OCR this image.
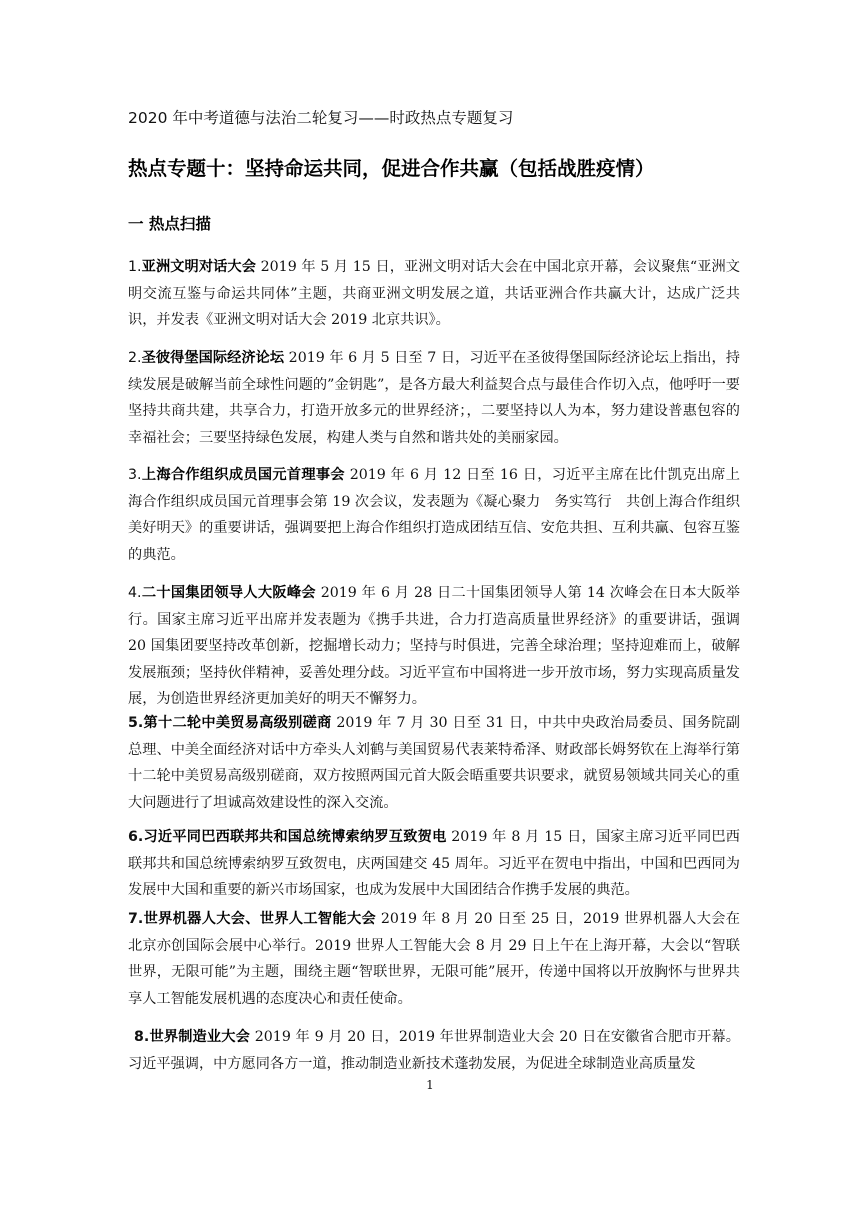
2020 年中考道德与法治二轮复习——时政热点专题复习
热点专题十：坚持命运共同，促进合作共赢（包括战胜疫情）
一 热点扫描

1.亚洲文明对话大会 2019 年 5 月 15 日，亚洲文明对话大会在中国北京开幕，会议聚焦“亚洲文明交流互鉴与命运共同体”主题，共商亚洲文明发展之道，共话亚洲合作共赢大计，达成广泛共识，并发表《亚洲文明对话大会 2019 北京共识》。

2.圣彼得堡国际经济论坛 2019 年 6 月 5 日至 7 日，习近平在圣彼得堡国际经济论坛上指出，持续发展是破解当前全球性问题的”金钥匙”，是各方最大利益契合点与最佳合作切入点，他呼吁一要坚持共商共建，共享合力，打造开放多元的世界经济；，二要坚持以人为本，努力建设普惠包容的幸福社会；三要坚持绿色发展，构建人类与自然和谐共处的美丽家园。

3.上海合作组织成员国元首理事会 2019 年 6 月 12 日至 16 日，习近平主席在比什凯克出席上海合作组织成员国元首理事会第 19 次会议，发表题为《凝心聚力　务实笃行　共创上海合作组织美好明天》的重要讲话，强调要把上海合作组织打造成团结互信、安危共担、互利共赢、包容互鉴的典范。

4.二十国集团领导人大阪峰会 2019 年 6 月 28 日二十国集团领导人第 14 次峰会在日本大阪举行。国家主席习近平出席并发表题为《携手共进，合力打造高质量世界经济》的重要讲话，强调 20 国集团要坚持改革创新，挖掘增长动力；坚持与时俱进，完善全球治理；坚持迎难而上，破解发展瓶颈；坚持伙伴精神，妥善处理分歧。习近平宣布中国将进一步开放市场，努力实现高质量发展，为创造世界经济更加美好的明天不懈努力。

5.第十二轮中美贸易高级别磋商 2019 年 7 月 30 日至 31 日，中共中央政治局委员、国务院副总理、中美全面经济对话中方牵头人刘鹤与美国贸易代表莱特希泽、财政部长姆努钦在上海举行第十二轮中美贸易高级别磋商，双方按照两国元首大阪会晤重要共识要求，就贸易领域共同关心的重大问题进行了坦诚高效建设性的深入交流。

6.习近平同巴西联邦共和国总统博索纳罗互致贺电 2019 年 8 月 15 日，国家主席习近平同巴西联邦共和国总统博索纳罗互致贺电，庆两国建交 45 周年。习近平在贺电中指出，中国和巴西同为发展中大国和重要的新兴市场国家，也成为发展中大国团结合作携手发展的典范。

7.世界机器人大会、世界人工智能大会 2019 年 8 月 20 日至 25 日，2019 世界机器人大会在北京亦创国际会展中心举行。2019 世界人工智能大会 8 月 29 日上午在上海开幕，大会以“智联世界，无限可能”为主题，围绕主题“智联世界，无限可能”展开，传递中国将以开放胸怀与世界共享人工智能发展机遇的态度决心和责任使命。

8.世界制造业大会 2019 年 9 月 20 日，2019 年世界制造业大会 20 日在安徽省合肥市开幕。习近平强调，中方愿同各方一道，推动制造业新技术蓬勃发展，为促进全球制造业高质量发

1
